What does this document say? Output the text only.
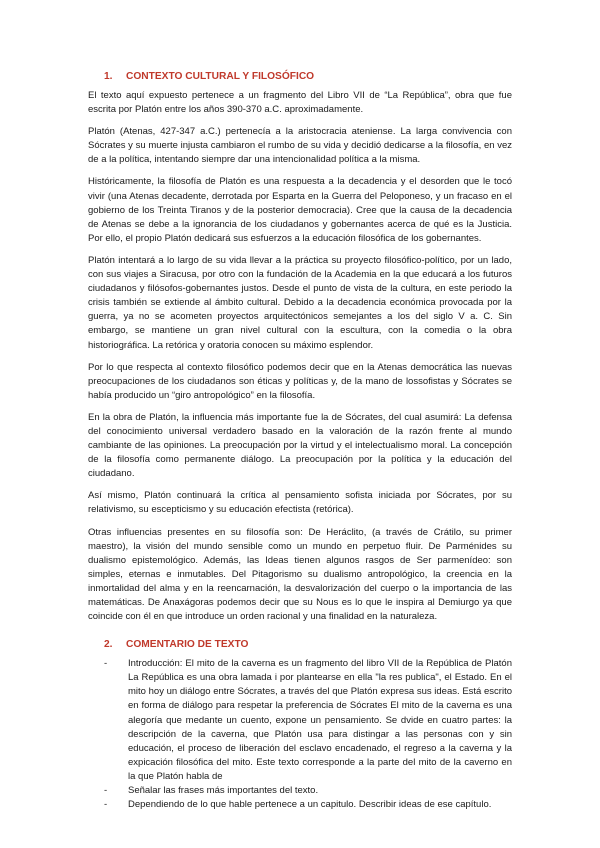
1.	CONTEXTO CULTURAL Y FILOSÓFICO

El texto aquí expuesto pertenece a un fragmento del Libro VII de “La República”, obra que fue escrita por Platón entre los años 390-370 a.C. aproximadamente.

Platón (Atenas, 427-347 a.C.) pertenecía a la aristocracia ateniense. La larga convivencia con Sócrates y su muerte injusta cambiaron el rumbo de su vida y decidió dedicarse a la filosofía, en vez de a la política, intentando siempre dar una intencionalidad política a la misma.

Históricamente, la filosofía de Platón es una respuesta a la decadencia y el desorden que le tocó vivir (una Atenas decadente, derrotada por Esparta en la Guerra del Peloponeso, y un fracaso en el gobierno de los Treinta Tiranos y de la posterior democracia). Cree que la causa de la decadencia de Atenas se debe a la ignorancia de los ciudadanos y gobernantes acerca de qué es la Justicia. Por ello, el propio Platón dedicará sus esfuerzos a la educación filosófica de los gobernantes.

Platón intentará a lo largo de su vida llevar a la práctica su proyecto filosófico-político, por un lado, con sus viajes a Siracusa, por otro con la fundación de la Academia en la que educará a los futuros ciudadanos y filósofos-gobernantes justos. Desde el punto de vista de la cultura, en este periodo la crisis también se extiende al ámbito cultural. Debido a la decadencia económica provocada por la guerra, ya no se acometen proyectos arquitectónicos semejantes a los del siglo V a. C. Sin embargo, se mantiene un gran nivel cultural con la escultura, con la comedia o la obra historiográfica. La retórica y oratoria conocen su máximo esplendor.

Por lo que respecta al contexto filosófico podemos decir que en la Atenas democrática las nuevas preocupaciones de los ciudadanos son éticas y políticas y, de la mano de lossofistas y Sócrates se había producido un “giro antropológico” en la filosofía.

En la obra de Platón, la influencia más importante fue la de Sócrates, del cual asumirá: La defensa del conocimiento universal verdadero basado en la valoración de la razón frente al mundo cambiante de las opiniones. La preocupación por la virtud y el intelectualismo moral. La concepción de la filosofía como permanente diálogo. La preocupación por la política y la educación del ciudadano.

Así mismo, Platón continuará la crítica al pensamiento sofista iniciada por Sócrates, por su relativismo, su escepticismo y su educación efectista (retórica).

Otras influencias presentes en su filosofía son: De Heráclito, (a través de Crátilo, su primer maestro), la visión del mundo sensible como un mundo en perpetuo fluir. De Parménides su dualismo epistemológico. Además, las Ideas tienen algunos rasgos de Ser parmenídeo: son simples, eternas e inmutables. Del Pitagorismo su dualismo antropológico, la creencia en la inmortalidad del alma y en la reencarnación, la desvalorización del cuerpo o la importancia de las matemáticas. De Anaxágoras podemos decir que su Nous es lo que le inspira al Demiurgo ya que coincide con él en que introduce un orden racional y una finalidad en la naturaleza.

2.	COMENTARIO DE TEXTO
-	Introducción: El mito de la caverna es un fragmento del libro VII de la República de Platón La República es una obra lamada i por plantearse en ella "la res publica", el Estado. En el mito hoy un diálogo entre Sócrates, a través del que Platón expresa sus ideas. Está escrito en forma de diálogo para respetar la preferencia de Sócrates El mito de la caverna es una alegoría que medante un cuento, expone un pensamiento. Se dvide en cuatro partes: la descripción de la caverna, que Platón usa para distingar a las personas con y sin educación, el proceso de liberación del esclavo encadenado, el regreso a la caverna y la expicación filosófica del mito. Este texto corresponde a la parte del mito de la caverno en la que Platón habla de
-	Señalar las frases más importantes del texto.
-	Dependiendo de lo que hable pertenece a un capitulo. Describir ideas de ese capítulo.
